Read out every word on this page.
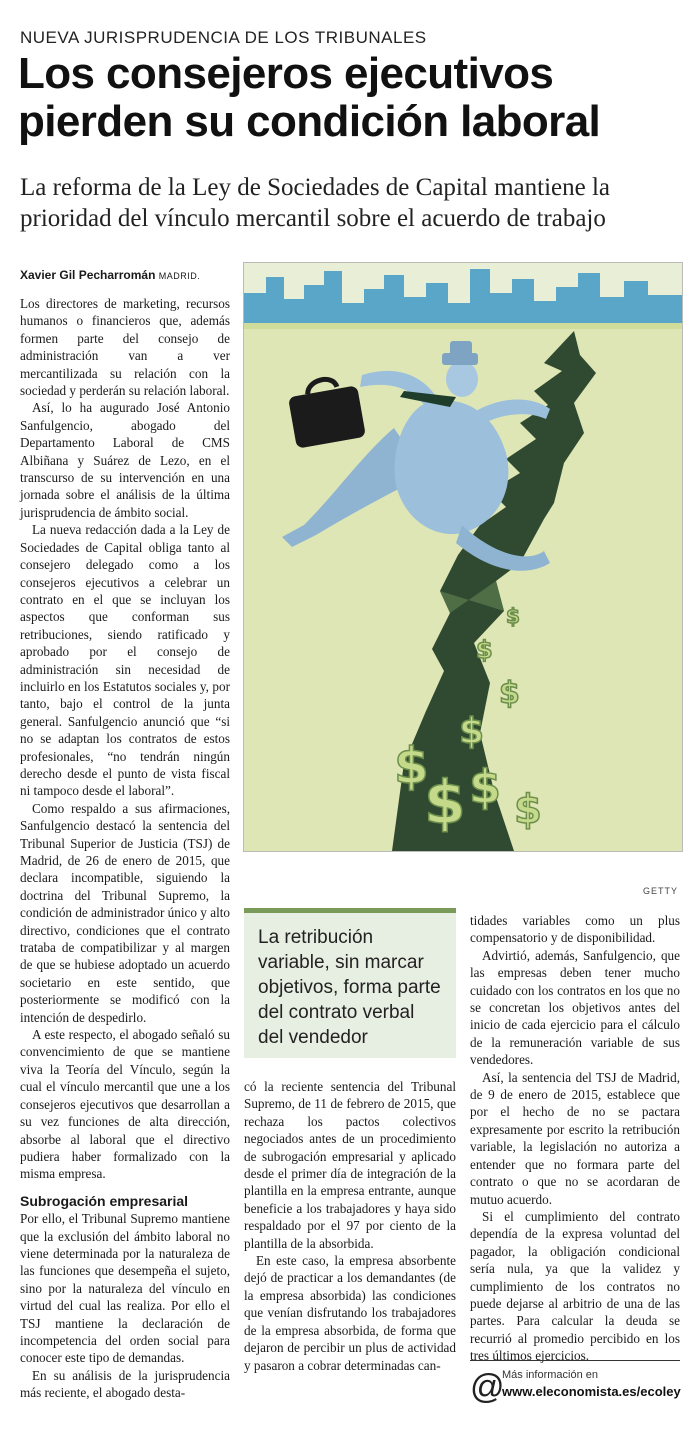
NUEVA JURISPRUDENCIA DE LOS TRIBUNALES
Los consejeros ejecutivos pierden su condición laboral

La reforma de la Ley de Sociedades de Capital mantiene la prioridad del vínculo mercantil sobre el acuerdo de trabajo

Xavier Gil Pecharromán MADRID.

Los directores de marketing, recursos humanos o financieros que, además formen parte del consejo de administración van a ver mercantilizada su relación con la sociedad y perderán su relación laboral.

Así, lo ha augurado José Antonio Sanfulgencio, abogado del Departamento Laboral de CMS Albiñana y Suárez de Lezo, en el transcurso de su intervención en una jornada sobre el análisis de la última jurisprudencia de ámbito social.

La nueva redacción dada a la Ley de Sociedades de Capital obliga tanto al consejero delegado como a los consejeros ejecutivos a celebrar un contrato en el que se incluyan los aspectos que conforman sus retribuciones, siendo ratificado y aprobado por el consejo de administración sin necesidad de incluirlo en los Estatutos sociales y, por tanto, bajo el control de la junta general. Sanfulgencio anunció que “si no se adaptan los contratos de estos profesionales, “no tendrán ningún derecho desde el punto de vista fiscal ni tampoco desde el laboral”.

Como respaldo a sus afirmaciones, Sanfulgencio destacó la sentencia del Tribunal Superior de Justicia (TSJ) de Madrid, de 26 de enero de 2015, que declara incompatible, siguiendo la doctrina del Tribunal Supremo, la condición de administrador único y alto directivo, condiciones que el contrato trataba de compatibilizar y al margen de que se hubiese adoptado un acuerdo societario en este sentido, que posteriormente se modificó con la intención de despedirlo.

A este respecto, el abogado señaló su convencimiento de que se mantiene viva la Teoría del Vínculo, según la cual el vínculo mercantil que une a los consejeros ejecutivos que desarrollan a su vez funciones de alta dirección, absorbe al laboral que el directivo pudiera haber formalizado con la misma empresa.

Subrogación empresarial

Por ello, el Tribunal Supremo mantiene que la exclusión del ámbito laboral no viene determinada por la naturaleza de las funciones que desempeña el sujeto, sino por la naturaleza del vínculo en virtud del cual las realiza. Por ello el TSJ mantiene la declaración de incompetencia del orden social para conocer este tipo de demandas.

En su análisis de la jurisprudencia más reciente, el abogado desta-

$ $
$
$
$
$
$
$
GETTY

La retribución variable, sin marcar objetivos, forma parte del contrato verbal del vendedor

có la reciente sentencia del Tribunal Supremo, de 11 de febrero de 2015, que rechaza los pactos colectivos negociados antes de un procedimiento de subrogación empresarial y aplicado desde el primer día de integración de la plantilla en la empresa entrante, aunque beneficie a los trabajadores y haya sido respaldado por el 97 por ciento de la plantilla de la absorbida.

En este caso, la empresa absorbente dejó de practicar a los demandantes (de la empresa absorbida) las condiciones que venían disfrutando los trabajadores de la empresa absorbida, de forma que dejaron de percibir un plus de actividad y pasaron a cobrar determinadas can-

tidades variables como un plus compensatorio y de disponibilidad.

Advirtió, además, Sanfulgencio, que las empresas deben tener mucho cuidado con los contratos en los que no se concretan los objetivos antes del inicio de cada ejercicio para el cálculo de la remuneración variable de sus vendedores.

Así, la sentencia del TSJ de Madrid, de 9 de enero de 2015, establece que por el hecho de no se pactara expresamente por escrito la retribución variable, la legislación no autoriza a entender que no formara parte del contrato o que no se acordaran de mutuo acuerdo.

Si el cumplimiento del contrato dependía de la expresa voluntad del pagador, la obligación condicional sería nula, ya que la validez y cumplimiento de los contratos no puede dejarse al arbitrio de una de las partes. Para calcular la deuda se recurrió al promedio percibido en los tres últimos ejercicios.

@
Más información en
www.eleconomista.es/ecoley
